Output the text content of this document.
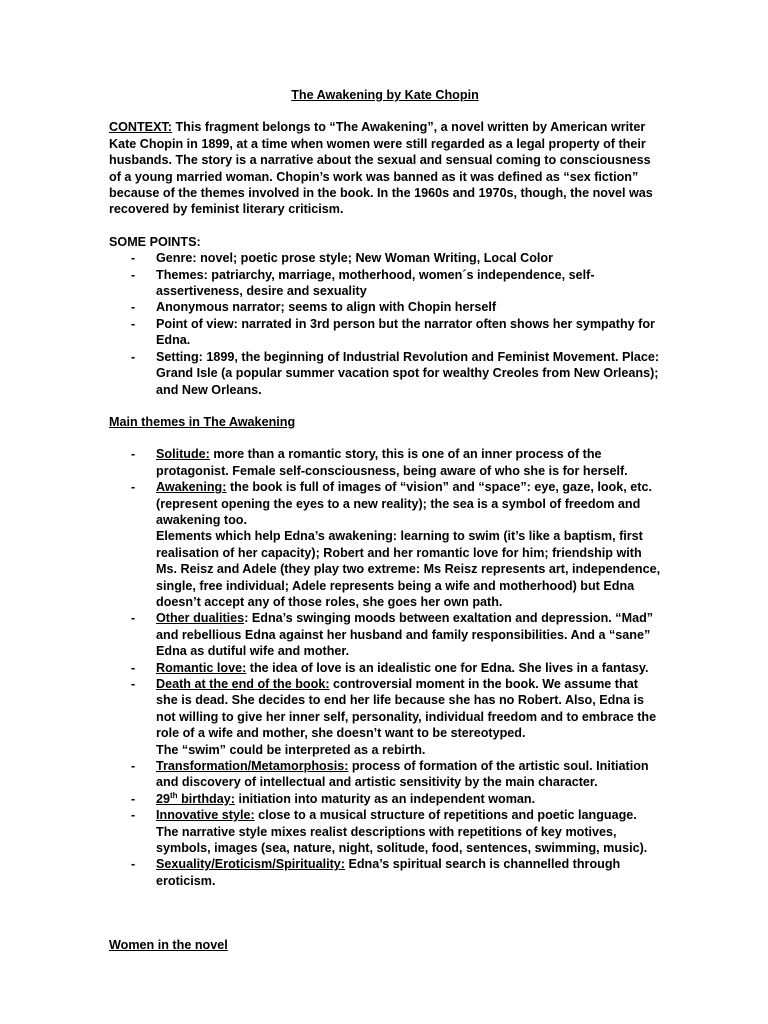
The Awakening by Kate Chopin

CONTEXT: This fragment belongs to “The Awakening”, a novel written by American writer Kate Chopin in 1899, at a time when women were still regarded as a legal property of their husbands. The story is a narrative about the sexual and sensual coming to consciousness of a young married woman. Chopin’s work was banned as it was defined as “sex fiction” because of the themes involved in the book. In the 1960s and 1970s, though, the novel was recovered by feminist literary criticism.

SOME POINTS:

- Genre: novel; poetic prose style; New Woman Writing, Local Color
- Themes: patriarchy, marriage, motherhood, women´s independence, self-assertiveness, desire and sexuality
- Anonymous narrator; seems to align with Chopin herself
- Point of view: narrated in 3rd person but the narrator often shows her sympathy for Edna.
- Setting: 1899, the beginning of Industrial Revolution and Feminist Movement. Place: Grand Isle (a popular summer vacation spot for wealthy Creoles from New Orleans); and New Orleans.

Main themes in The Awakening

- Solitude: more than a romantic story, this is one of an inner process of the protagonist. Female self-consciousness, being aware of who she is for herself.
- Awakening: the book is full of images of “vision” and “space”: eye, gaze, look, etc. (represent opening the eyes to a new reality); the sea is a symbol of freedom and awakening too.
Elements which help Edna’s awakening: learning to swim (it’s like a baptism, first realisation of her capacity); Robert and her romantic love for him; friendship with Ms. Reisz and Adele (they play two extreme: Ms Reisz represents art, independence, single, free individual; Adele represents being a wife and motherhood) but Edna doesn’t accept any of those roles, she goes her own path.
- Other dualities: Edna’s swinging moods between exaltation and depression. “Mad” and rebellious Edna against her husband and family responsibilities. And a “sane” Edna as dutiful wife and mother.
- Romantic love: the idea of love is an idealistic one for Edna. She lives in a fantasy.
- Death at the end of the book: controversial moment in the book. We assume that she is dead. She decides to end her life because she has no Robert. Also, Edna is not willing to give her inner self, personality, individual freedom and to embrace the role of a wife and mother, she doesn’t want to be stereotyped.
The “swim” could be interpreted as a rebirth.
- Transformation/Metamorphosis: process of formation of the artistic soul. Initiation and discovery of intellectual and artistic sensitivity by the main character.
- 29th birthday: initiation into maturity as an independent woman.
- Innovative style: close to a musical structure of repetitions and poetic language. The narrative style mixes realist descriptions with repetitions of key motives, symbols, images (sea, nature, night, solitude, food, sentences, swimming, music).
- Sexuality/Eroticism/Spirituality: Edna’s spiritual search is channelled through eroticism.

Women in the novel
